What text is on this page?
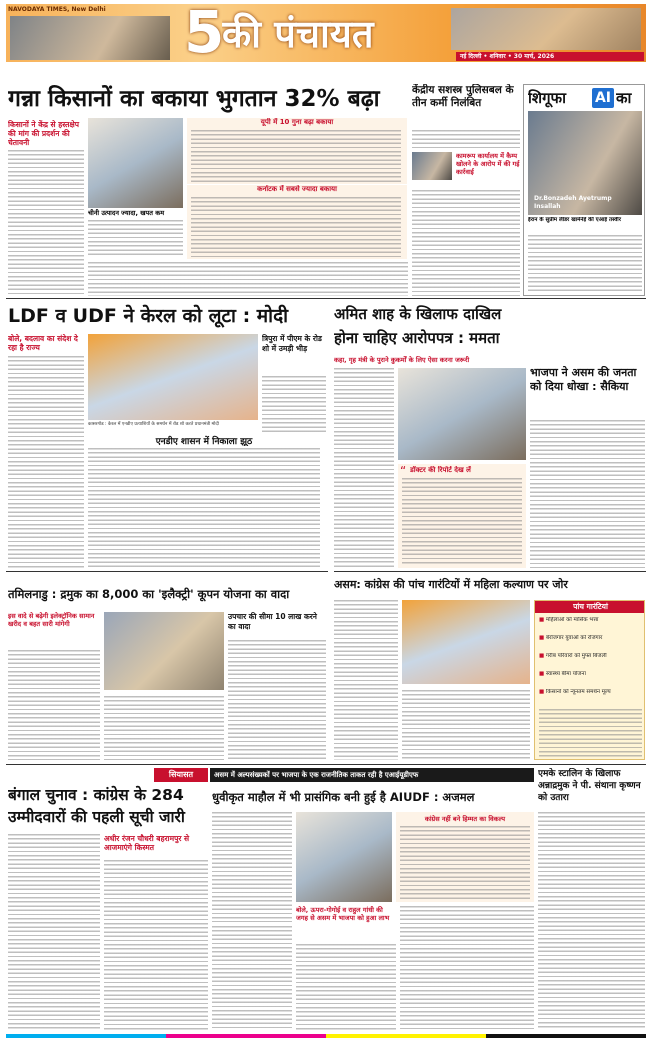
NAVODAYA TIMES, New Delhi	5
की पंचायत
नई दिल्ली • शनिवार • 30 मार्च, 2026
गन्ना किसानों का बकाया भुगतान 32% बढ़ा
किसानों ने केंद्र से हस्तक्षेप की मांग की प्रदर्शन की चेतावनी
चीनी उत्पादन ज्यादा, खपत कम
यूपी में 10 गुना बढ़ा बकाया
कर्नाटक में सबसे ज्यादा बकाया
केंद्रीय सशस्त्र पुलिसबल के तीन कर्मी निलंबित
कामरूप कार्यालय में कैम्प खोलने के आरोप में की गई कार्रवाई
शिगूफा	AI का
Dr.Bonzadeh Ayetrump Insallah
ईरान के सुप्रीम लीडर खामेनेई की एआई तस्वीर
LDF व UDF ने केरल को लूटा : मोदी
बोले, बदलाव का संदेश दे रहा है राज्य
कासरगोड : केरल में एनडीए प्रत्याशियों के समर्थन में रोड शो करते प्रधानमंत्री मोदी
एनडीए शासन में निकाला झूठ
त्रिपुरा में पीएम के रोड शो में उमड़ी भीड़
अमित शाह के खिलाफ दाखिल होना चाहिए आरोपपत्र : ममता
कहा, गृह मंत्री के पुराने कुकर्मों के लिए ऐसा करना जरूरी
“ डॉक्टर की रिपोर्ट देख लें
भाजपा ने असम की जनता को दिया धोखा : सैकिया
असम: कांग्रेस की पांच गारंटियों में महिला कल्याण पर जोर
पांच गारंटियां
■ महिलाओं को मासिक भत्ता
■ बेरोजगार युवाओं को रोजगार
■ गरीब परिवारों को मुफ्त बिजली
■ स्वास्थ्य बीमा योजना
■ किसानों को न्यूनतम समर्थन मूल्य
तमिलनाडु : द्रमुक का 8,000 का 'इलैक्ट्री' कूपन योजना का वादा
इस वादे से बढ़ेगी इलेक्ट्रॉनिक सामान खरीद व बहत सारी मांगेगी
उपचार की सीमा 10 लाख करने का वादा
सियासत	असम में अल्पसंख्यकों पर भाजपा के एक राजनीतिक ताकत रही है एआईयूडीएफ
बंगाल चुनाव : कांग्रेस के 284 उम्मीदवारों की पहली सूची जारी
अधीर रंजन चौधरी बहरामपुर से आजमाएंगे किस्मत
धुवीकृत माहौल में भी प्रासंगिक बनी हुई है AIUDF : अजमल
कांग्रेस नहीं बने हिम्मत का विकल्प
बोले, ऊपरा-गोगोई व राहुल गांधी की जगह से असम में भाजपा को हुआ लाभ
एमके स्टालिन के खिलाफ अन्नाद्रमुक ने पी. संथाना कृष्णन को उतारा
